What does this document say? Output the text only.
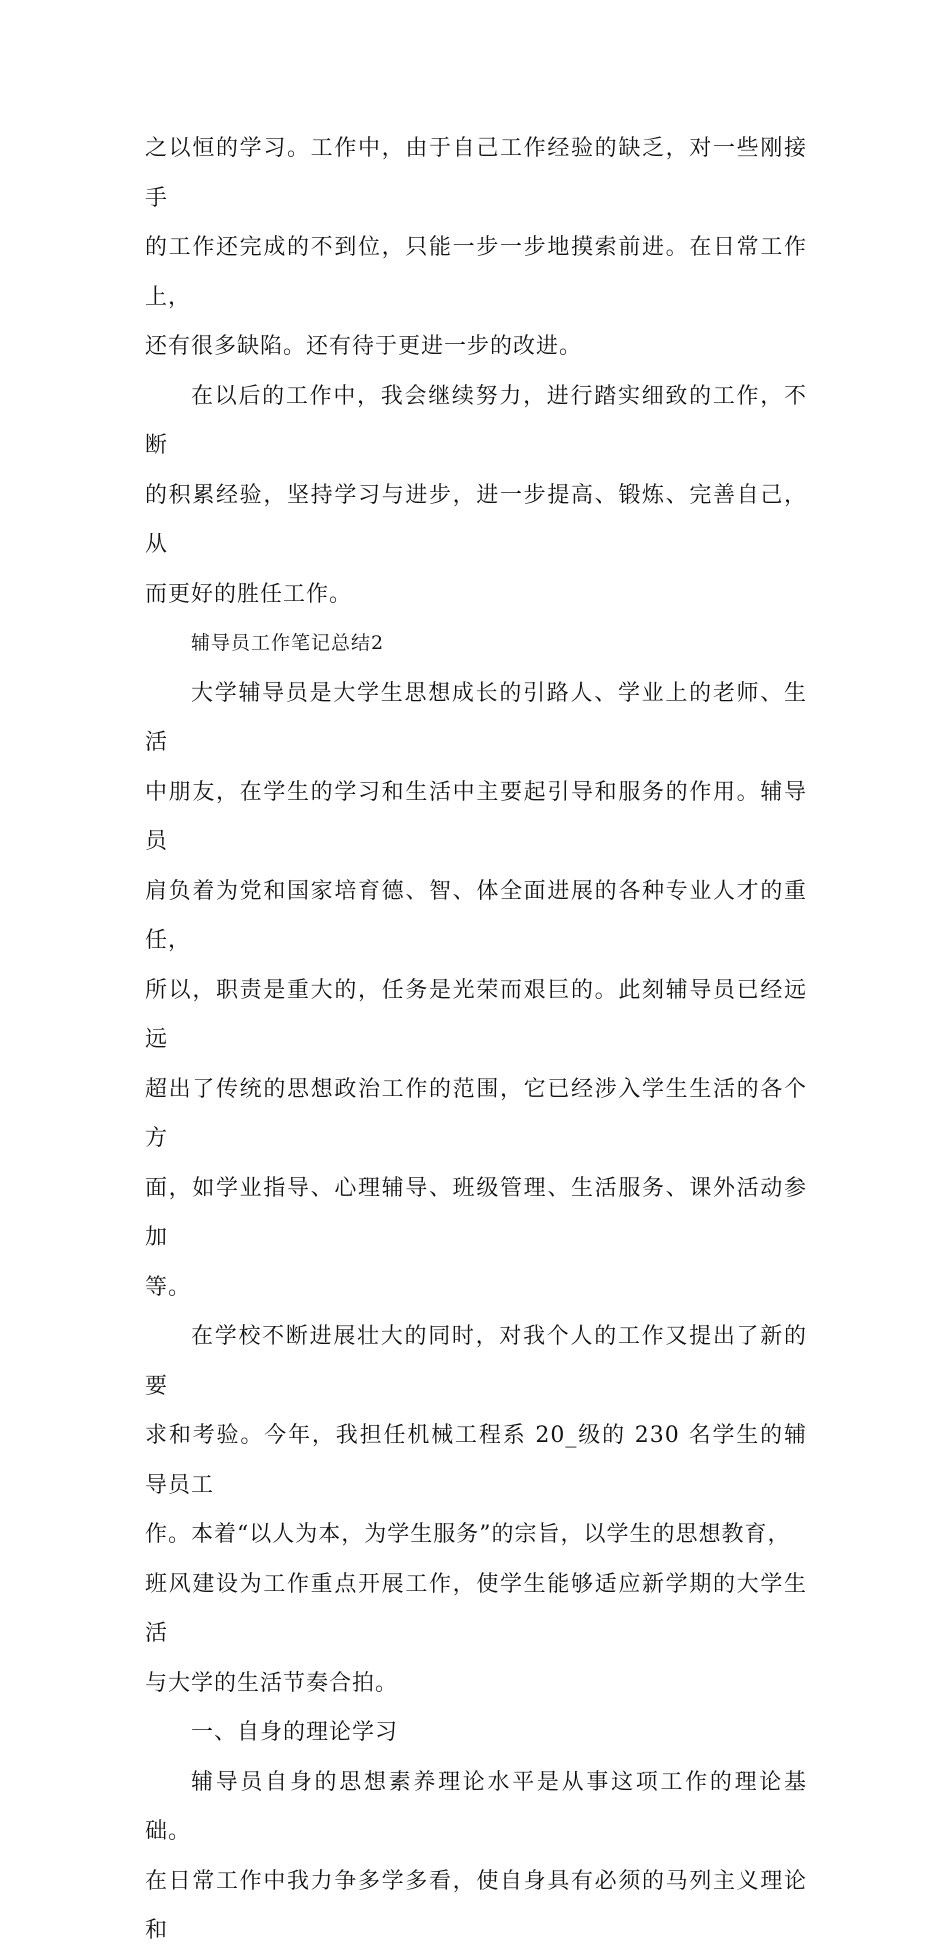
之以恒的学习。工作中，由于自己工作经验的缺乏，对一些刚接手
的工作还完成的不到位，只能一步一步地摸索前进。在日常工作上，
还有很多缺陷。还有待于更进一步的改进。

在以后的工作中，我会继续努力，进行踏实细致的工作，不断
的积累经验，坚持学习与进步，进一步提高、锻炼、完善自己，从
而更好的胜任工作。

辅导员工作笔记总结2

大学辅导员是大学生思想成长的引路人、学业上的老师、生活
中朋友，在学生的学习和生活中主要起引导和服务的作用。辅导员
肩负着为党和国家培育德、智、体全面进展的各种专业人才的重任，
所以，职责是重大的，任务是光荣而艰巨的。此刻辅导员已经远远
超出了传统的思想政治工作的范围，它已经涉入学生生活的各个方
面，如学业指导、心理辅导、班级管理、生活服务、课外活动参加
等。

在学校不断进展壮大的同时，对我个人的工作又提出了新的要
求和考验。今年，我担任机械工程系 20_级的 230 名学生的辅导员工
作。本着“以人为本，为学生服务”的宗旨，以学生的思想教育，
班风建设为工作重点开展工作，使学生能够适应新学期的大学生活
与大学的生活节奏合拍。

一、自身的理论学习

辅导员自身的思想素养理论水平是从事这项工作的理论基础。
在日常工作中我力争多学多看，使自身具有必须的马列主义理论和
